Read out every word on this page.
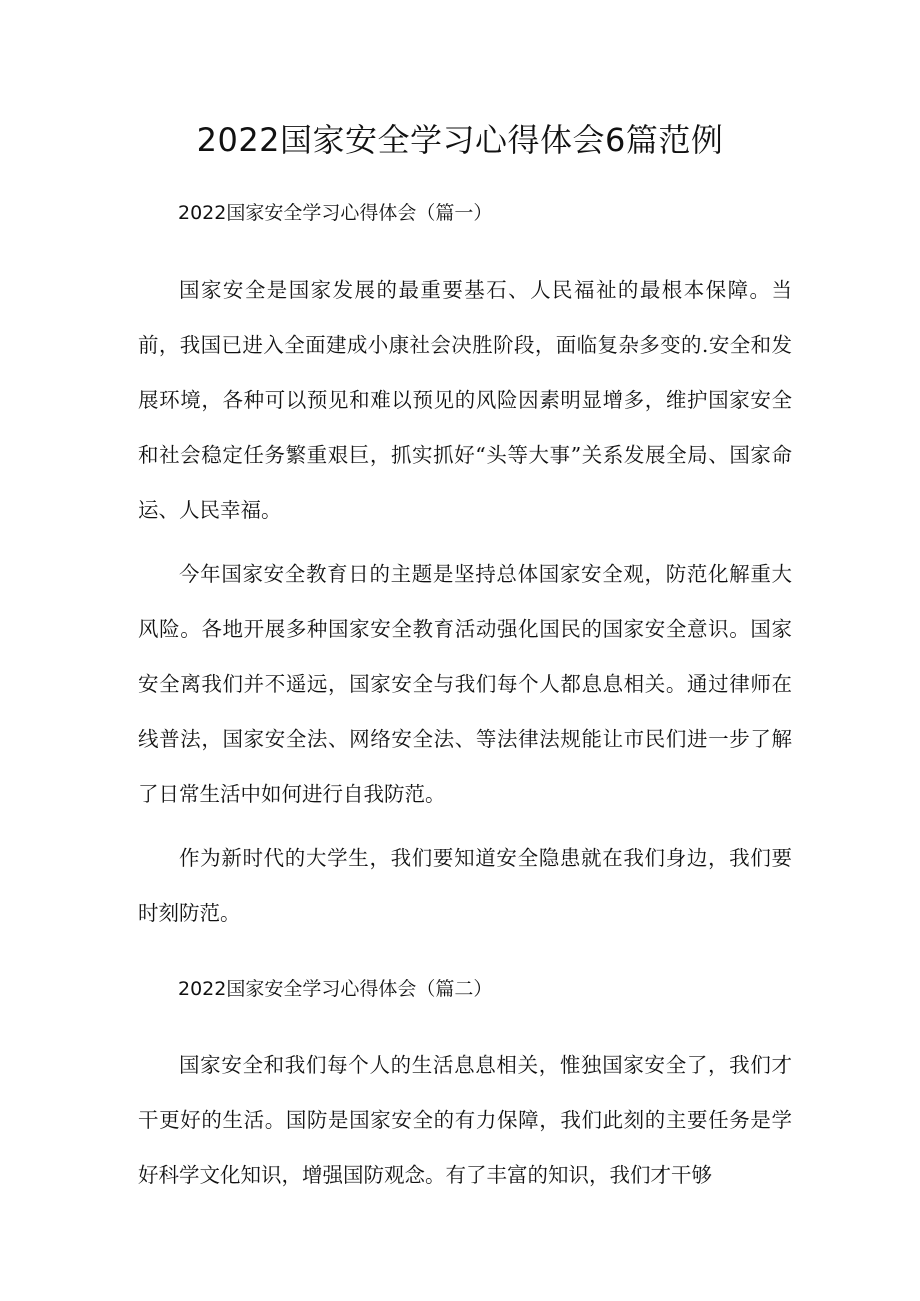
2022国家安全学习心得体会6篇范例
2022国家安全学习心得体会（篇一）

国家安全是国家发展的最重要基石、人民福祉的最根本保障。当前，我国已进入全面建成小康社会决胜阶段，面临复杂多变的.安全和发展环境，各种可以预见和难以预见的风险因素明显增多，维护国家安全和社会稳定任务繁重艰巨，抓实抓好“头等大事”关系发展全局、国家命运、人民幸福。

今年国家安全教育日的主题是坚持总体国家安全观，防范化解重大风险。各地开展多种国家安全教育活动强化国民的国家安全意识。国家安全离我们并不遥远，国家安全与我们每个人都息息相关。通过律师在线普法，国家安全法、网络安全法、等法律法规能让市民们进一步了解了日常生活中如何进行自我防范。

作为新时代的大学生，我们要知道安全隐患就在我们身边，我们要时刻防范。

2022国家安全学习心得体会（篇二）

国家安全和我们每个人的生活息息相关，惟独国家安全了，我们才干更好的生活。国防是国家安全的有力保障，我们此刻的主要任务是学好科学文化知识，增强国防观念。有了丰富的知识，我们才干够
